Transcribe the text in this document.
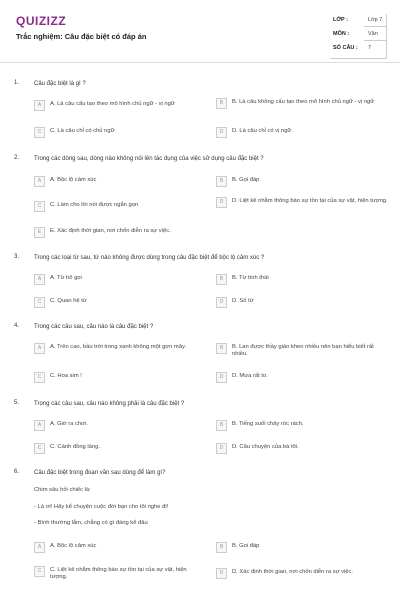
QUIZIZZ
Trắc nghiệm: Câu đặc biệt có đáp án
LỚP :	Lớp 7
MÔN :	Văn
SỐ CÂU : 7
1. Câu đặc biệt là gì ?
A	A. Là câu cấu tạo theo mô hình chủ ngữ - vị ngữ	B	B. Là câu không cấu tạo theo mô hình chủ ngữ - vị ngữ
C	C. Là câu chỉ có chủ ngữ	D	D. Là câu chỉ có vị ngữ.
2. Trong các dòng sau, dòng nào không nói lên tác dụng của việc sử dụng câu đặc biệt ?
A	A. Bộc lộ cảm xúc	B	B. Gọi đáp
C	C. Làm cho lời nói được ngắn gọn	D	D. Liệt kê nhằm thông báo sự tồn tại của sự vật, hiện tượng.
E	E. Xác định thời gian, nơi chốn diễn ra sự việc.
3. Trong các loại từ sau, từ nào không được dùng trong câu đặc biệt để bộc lộ cảm xúc ?
A	A. Từ hô gọi	B	B. Từ tình thái
C	C. Quan hệ từ	D	D. Số từ
4. Trong các câu sau, câu nào là câu đặc biệt ?
A	A. Trên cao, bầu trời trong xanh không một gợn mây.	B	B. Lan được thầy giáo khen nhiều nên bạn hiểu biết rất nhiều.
C	C. Hoa sim !	D	D. Mưa rất to.
5. Trong các câu sau, câu nào không phải là câu đặc biệt ?
A	A. Giờ ra chơi.	B	B. Tiếng suối chảy róc rách.
C	C. Cánh đồng làng.	D	D. Câu chuyện của bà tôi.
6. Câu đặc biệt trong đoạn văn sau dùng để làm gì?
Chim sâu hỏi chiếc lá:
- Lá ơi! Hãy kể chuyện cuộc đời bạn cho tôi nghe đi!
- Bình thường lắm, chẳng có gì đáng kể đâu
A	A. Bộc lộ cảm xúc	B	B. Gọi đáp
C	C. Liệt kê nhằm thông báo sự tồn tại của sự vật, hiện tượng.
D	D. Xác định thời gian, nơi chốn diễn ra sự việc.
